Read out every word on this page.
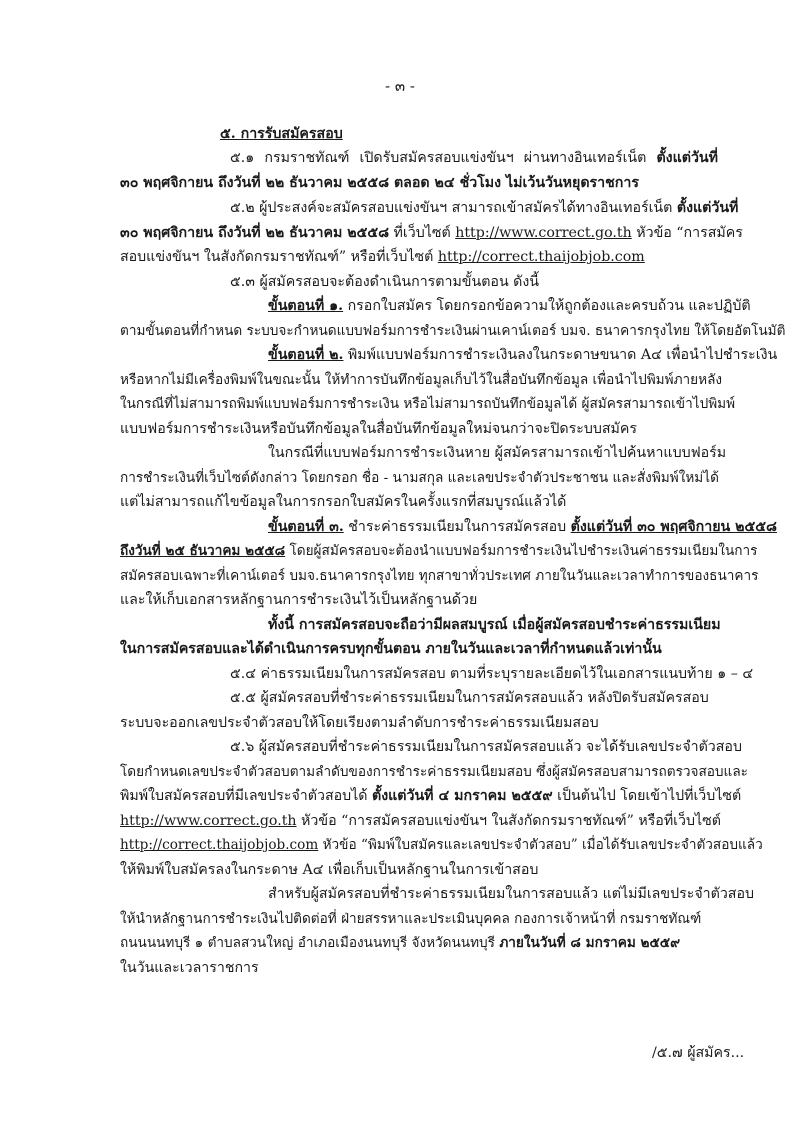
- ๓ -
๕. การรับสมัครสอบ
๕.๑ กรมราชทัณฑ์ เปิดรับสมัครสอบแข่งขันฯ ผ่านทางอินเทอร์เน็ต ตั้งแต่วันที่
๓๐ พฤศจิกายน ถึงวันที่ ๒๒ ธันวาคม ๒๕๕๘ ตลอด ๒๔ ชั่วโมง ไม่เว้นวันหยุดราชการ
๕.๒ ผู้ประสงค์จะสมัครสอบแข่งขันฯ สามารถเข้าสมัครได้ทางอินเทอร์เน็ต ตั้งแต่วันที่
๓๐ พฤศจิกายน ถึงวันที่ ๒๒ ธันวาคม ๒๕๕๘ ที่เว็บไซต์ http://www.correct.go.th หัวข้อ “การสมัคร
สอบแข่งขันฯ ในสังกัดกรมราชทัณฑ์” หรือที่เว็บไซต์ http://correct.thaijobjob.com
๕.๓ ผู้สมัครสอบจะต้องดำเนินการตามขั้นตอน ดังนี้
ขั้นตอนที่ ๑. กรอกใบสมัคร โดยกรอกข้อความให้ถูกต้องและครบถ้วน และปฏิบัติ
ตามขั้นตอนที่กำหนด ระบบจะกำหนดแบบฟอร์มการชำระเงินผ่านเคาน์เตอร์ บมจ. ธนาคารกรุงไทย ให้โดยอัตโนมัติ
ขั้นตอนที่ ๒. พิมพ์แบบฟอร์มการชำระเงินลงในกระดาษขนาด A๔ เพื่อนำไปชำระเงิน
หรือหากไม่มีเครื่องพิมพ์ในขณะนั้น ให้ทำการบันทึกข้อมูลเก็บไว้ในสื่อบันทึกข้อมูล เพื่อนำไปพิมพ์ภายหลัง
ในกรณีที่ไม่สามารถพิมพ์แบบฟอร์มการชำระเงิน หรือไม่สามารถบันทึกข้อมูลได้ ผู้สมัครสามารถเข้าไปพิมพ์
แบบฟอร์มการชำระเงินหรือบันทึกข้อมูลในสื่อบันทึกข้อมูลใหม่จนกว่าจะปิดระบบสมัคร
ในกรณีที่แบบฟอร์มการชำระเงินหาย ผู้สมัครสามารถเข้าไปค้นหาแบบฟอร์ม
การชำระเงินที่เว็บไซต์ดังกล่าว โดยกรอก ชื่อ - นามสกุล และเลขประจำตัวประชาชน และสั่งพิมพ์ใหม่ได้
แต่ไม่สามารถแก้ไขข้อมูลในการกรอกใบสมัครในครั้งแรกที่สมบูรณ์แล้วได้
ขั้นตอนที่ ๓. ชำระค่าธรรมเนียมในการสมัครสอบ ตั้งแต่วันที่ ๓๐ พฤศจิกายน ๒๕๕๘
ถึงวันที่ ๒๕ ธันวาคม ๒๕๕๘ โดยผู้สมัครสอบจะต้องนำแบบฟอร์มการชำระเงินไปชำระเงินค่าธรรมเนียมในการ
สมัครสอบเฉพาะที่เคาน์เตอร์ บมจ.ธนาคารกรุงไทย ทุกสาขาทั่วประเทศ ภายในวันและเวลาทำการของธนาคาร
และให้เก็บเอกสารหลักฐานการชำระเงินไว้เป็นหลักฐานด้วย
ทั้งนี้ การสมัครสอบจะถือว่ามีผลสมบูรณ์ เมื่อผู้สมัครสอบชำระค่าธรรมเนียม
ในการสมัครสอบและได้ดำเนินการครบทุกขั้นตอน ภายในวันและเวลาที่กำหนดแล้วเท่านั้น
๕.๔ ค่าธรรมเนียมในการสมัครสอบ ตามที่ระบุรายละเอียดไว้ในเอกสารแนบท้าย ๑ – ๔
๕.๕ ผู้สมัครสอบที่ชำระค่าธรรมเนียมในการสมัครสอบแล้ว หลังปิดรับสมัครสอบ
ระบบจะออกเลขประจำตัวสอบให้โดยเรียงตามลำดับการชำระค่าธรรมเนียมสอบ
๕.๖ ผู้สมัครสอบที่ชำระค่าธรรมเนียมในการสมัครสอบแล้ว จะได้รับเลขประจำตัวสอบ
โดยกำหนดเลขประจำตัวสอบตามลำดับของการชำระค่าธรรมเนียมสอบ ซึ่งผู้สมัครสอบสามารถตรวจสอบและ
พิมพ์ใบสมัครสอบที่มีเลขประจำตัวสอบได้ ตั้งแต่วันที่ ๔ มกราคม ๒๕๕๙ เป็นต้นไป โดยเข้าไปที่เว็บไซต์
http://www.correct.go.th หัวข้อ “การสมัครสอบแข่งขันฯ ในสังกัดกรมราชทัณฑ์” หรือที่เว็บไซต์
http://correct.thaijobjob.com หัวข้อ “พิมพ์ใบสมัครและเลขประจำตัวสอบ” เมื่อได้รับเลขประจำตัวสอบแล้ว
ให้พิมพ์ใบสมัครลงในกระดาษ A๔ เพื่อเก็บเป็นหลักฐานในการเข้าสอบ
สำหรับผู้สมัครสอบที่ชำระค่าธรรมเนียมในการสอบแล้ว แต่ไม่มีเลขประจำตัวสอบ
ให้นำหลักฐานการชำระเงินไปติดต่อที่ ฝ่ายสรรหาและประเมินบุคคล กองการเจ้าหน้าที่ กรมราชทัณฑ์
ถนนนนทบุรี ๑ ตำบลสวนใหญ่ อำเภอเมืองนนทบุรี จังหวัดนนทบุรี ภายในวันที่ ๘ มกราคม ๒๕๕๙
ในวันและเวลาราชการ
/๕.๗ ผู้สมัคร...
